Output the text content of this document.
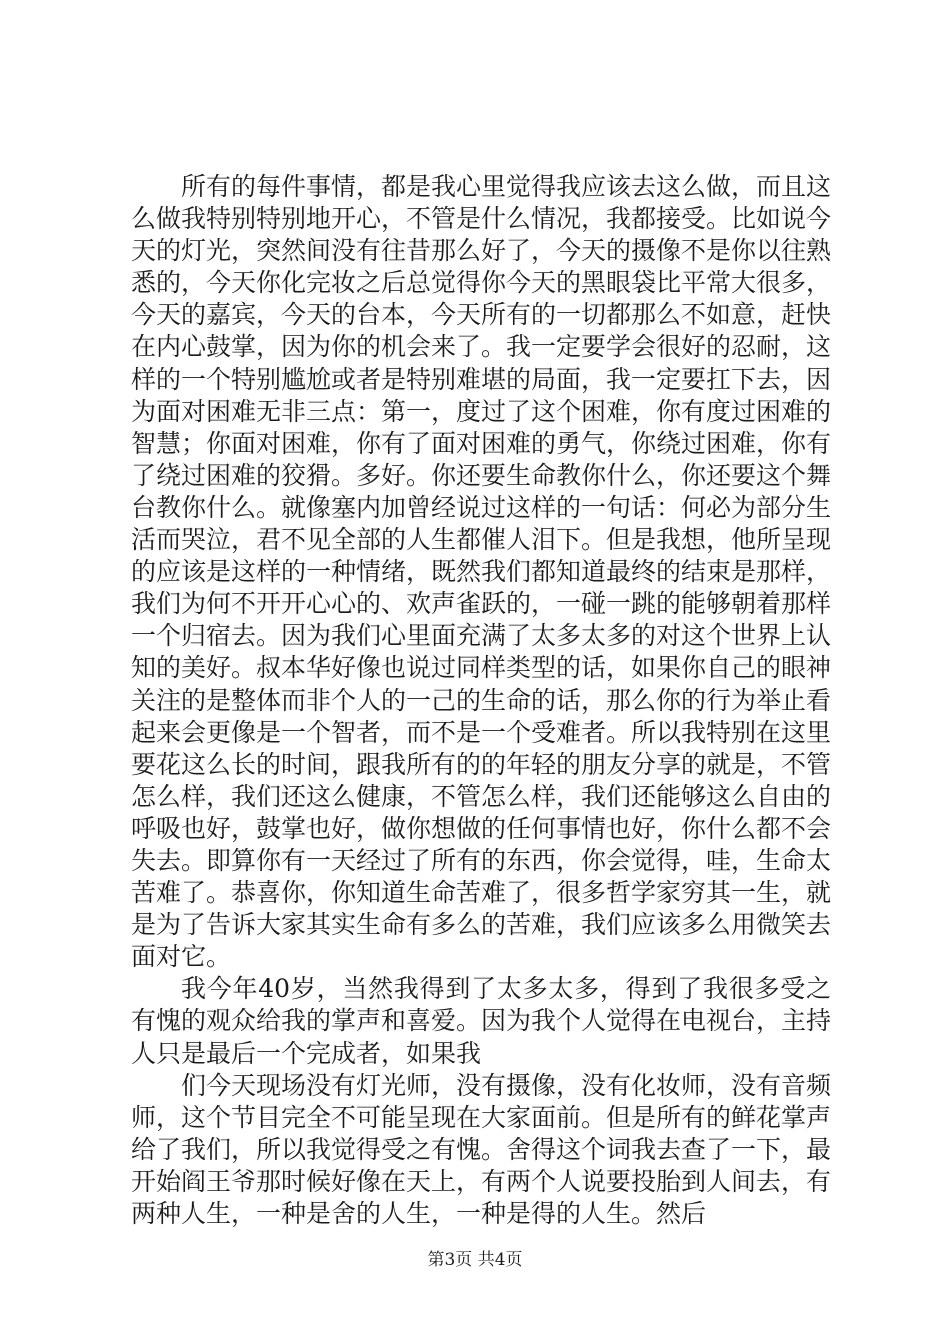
所有的每件事情，都是我心里觉得我应该去这么做，而且这么做我特别特别地开心，不管是什么情况，我都接受。比如说今天的灯光，突然间没有往昔那么好了，今天的摄像不是你以往熟悉的，今天你化完妆之后总觉得你今天的黑眼袋比平常大很多，今天的嘉宾，今天的台本，今天所有的一切都那么不如意，赶快在内心鼓掌，因为你的机会来了。我一定要学会很好的忍耐，这样的一个特别尴尬或者是特别难堪的局面，我一定要扛下去，因为面对困难无非三点：第一，度过了这个困难，你有度过困难的智慧；你面对困难，你有了面对困难的勇气，你绕过困难，你有了绕过困难的狡猾。多好。你还要生命教你什么，你还要这个舞台教你什么。就像塞内加曾经说过这样的一句话：何必为部分生活而哭泣，君不见全部的人生都催人泪下。但是我想，他所呈现的应该是这样的一种情绪，既然我们都知道最终的结束是那样，我们为何不开开心心的、欢声雀跃的，一碰一跳的能够朝着那样一个归宿去。因为我们心里面充满了太多太多的对这个世界上认知的美好。叔本华好像也说过同样类型的话，如果你自己的眼神关注的是整体而非个人的一己的生命的话，那么你的行为举止看起来会更像是一个智者，而不是一个受难者。所以我特别在这里要花这么长的时间，跟我所有的的年轻的朋友分享的就是，不管怎么样，我们还这么健康，不管怎么样，我们还能够这么自由的呼吸也好，鼓掌也好，做你想做的任何事情也好，你什么都不会失去。即算你有一天经过了所有的东西，你会觉得，哇，生命太苦难了。恭喜你，你知道生命苦难了，很多哲学家穷其一生，就是为了告诉大家其实生命有多么的苦难，我们应该多么用微笑去面对它。

我今年40岁，当然我得到了太多太多，得到了我很多受之有愧的观众给我的掌声和喜爱。因为我个人觉得在电视台，主持人只是最后一个完成者，如果我

们今天现场没有灯光师，没有摄像，没有化妆师，没有音频师，这个节目完全不可能呈现在大家面前。但是所有的鲜花掌声给了我们，所以我觉得受之有愧。舍得这个词我去查了一下，最开始阎王爷那时候好像在天上，有两个人说要投胎到人间去，有两种人生，一种是舍的人生，一种是得的人生。然后

第3页 共4页
